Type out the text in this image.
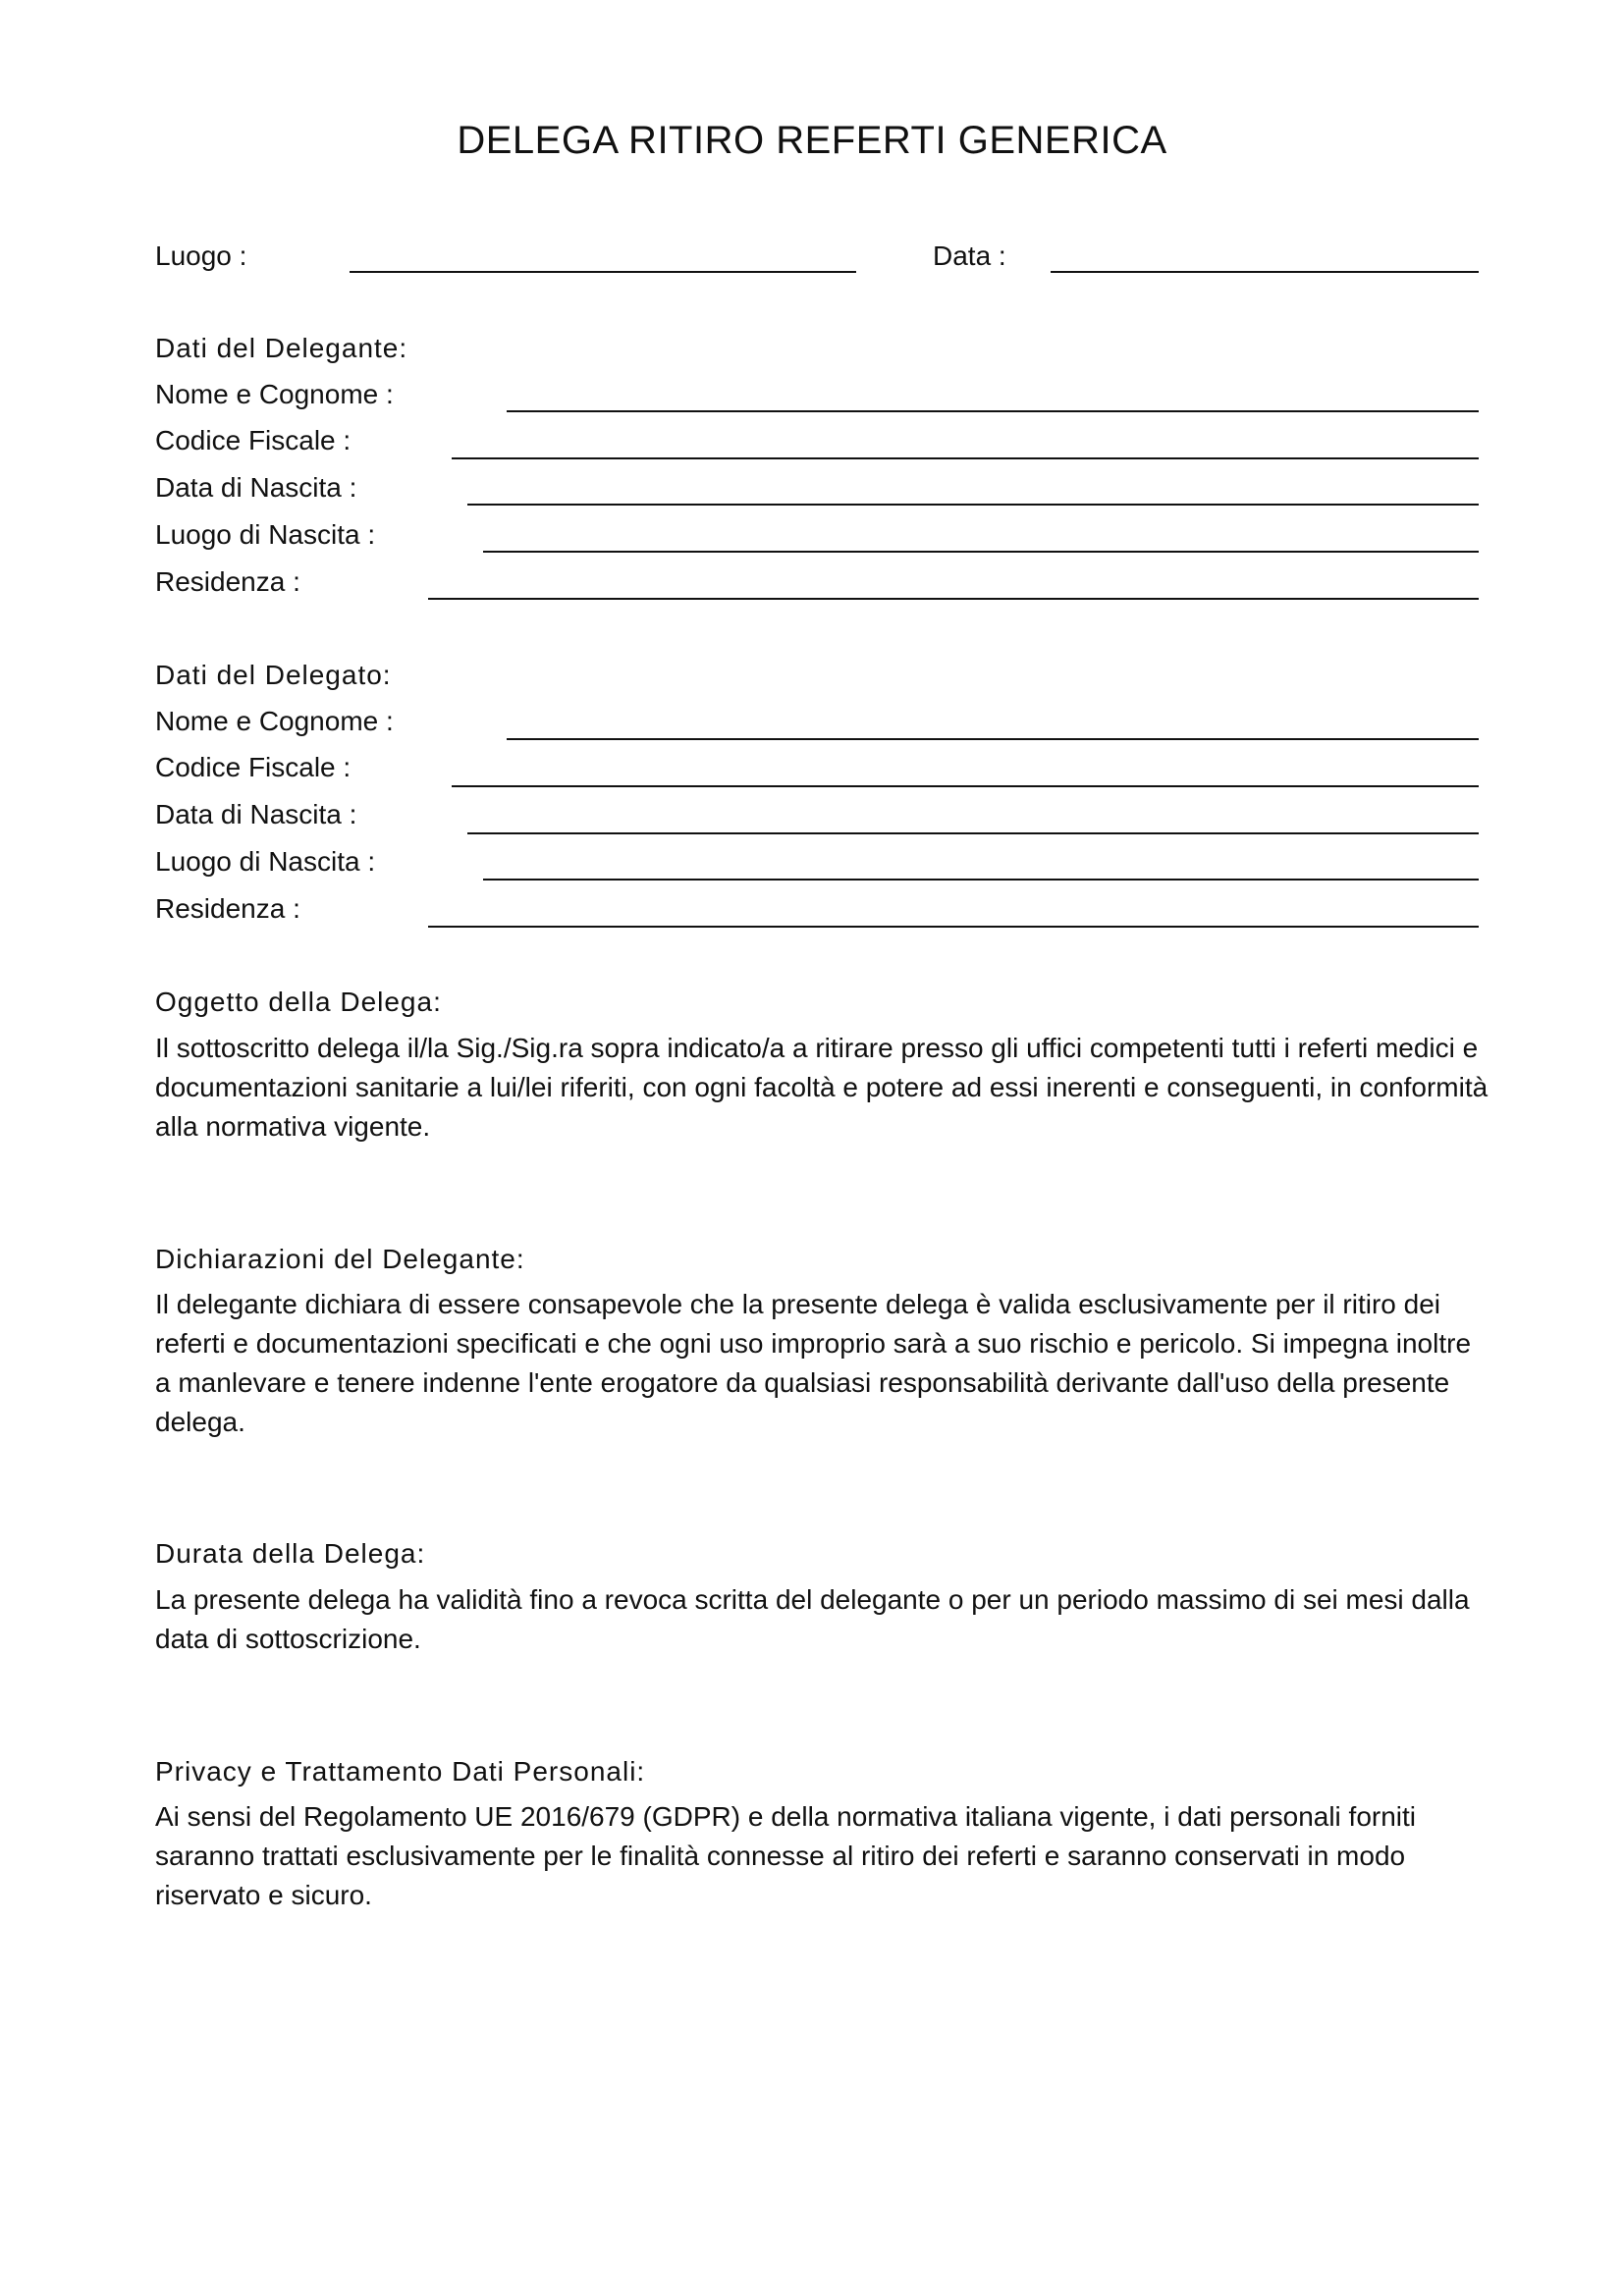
DELEGA RITIRO REFERTI GENERICA
Luogo :	Data :
Dati del Delegante:
Nome e Cognome :
Codice Fiscale :
Data di Nascita :
Luogo di Nascita :
Residenza :
Dati del Delegato:
Nome e Cognome :
Codice Fiscale :
Data di Nascita :
Luogo di Nascita :
Residenza :
Oggetto della Delega:
Il sottoscritto delega il/la Sig./Sig.ra sopra indicato/a a ritirare presso gli uffici competenti tutti i referti medici e documentazioni sanitarie a lui/lei riferiti, con ogni facoltà e potere ad essi inerenti e conseguenti, in conformità alla normativa vigente.
Dichiarazioni del Delegante:
Il delegante dichiara di essere consapevole che la presente delega è valida esclusivamente per il ritiro dei referti e documentazioni specificati e che ogni uso improprio sarà a suo rischio e pericolo. Si impegna inoltre a manlevare e tenere indenne l'ente erogatore da qualsiasi responsabilità derivante dall'uso della presente delega.
Durata della Delega:
La presente delega ha validità fino a revoca scritta del delegante o per un periodo massimo di sei mesi dalla data di sottoscrizione.
Privacy e Trattamento Dati Personali:
Ai sensi del Regolamento UE 2016/679 (GDPR) e della normativa italiana vigente, i dati personali forniti saranno trattati esclusivamente per le finalità connesse al ritiro dei referti e saranno conservati in modo riservato e sicuro.
